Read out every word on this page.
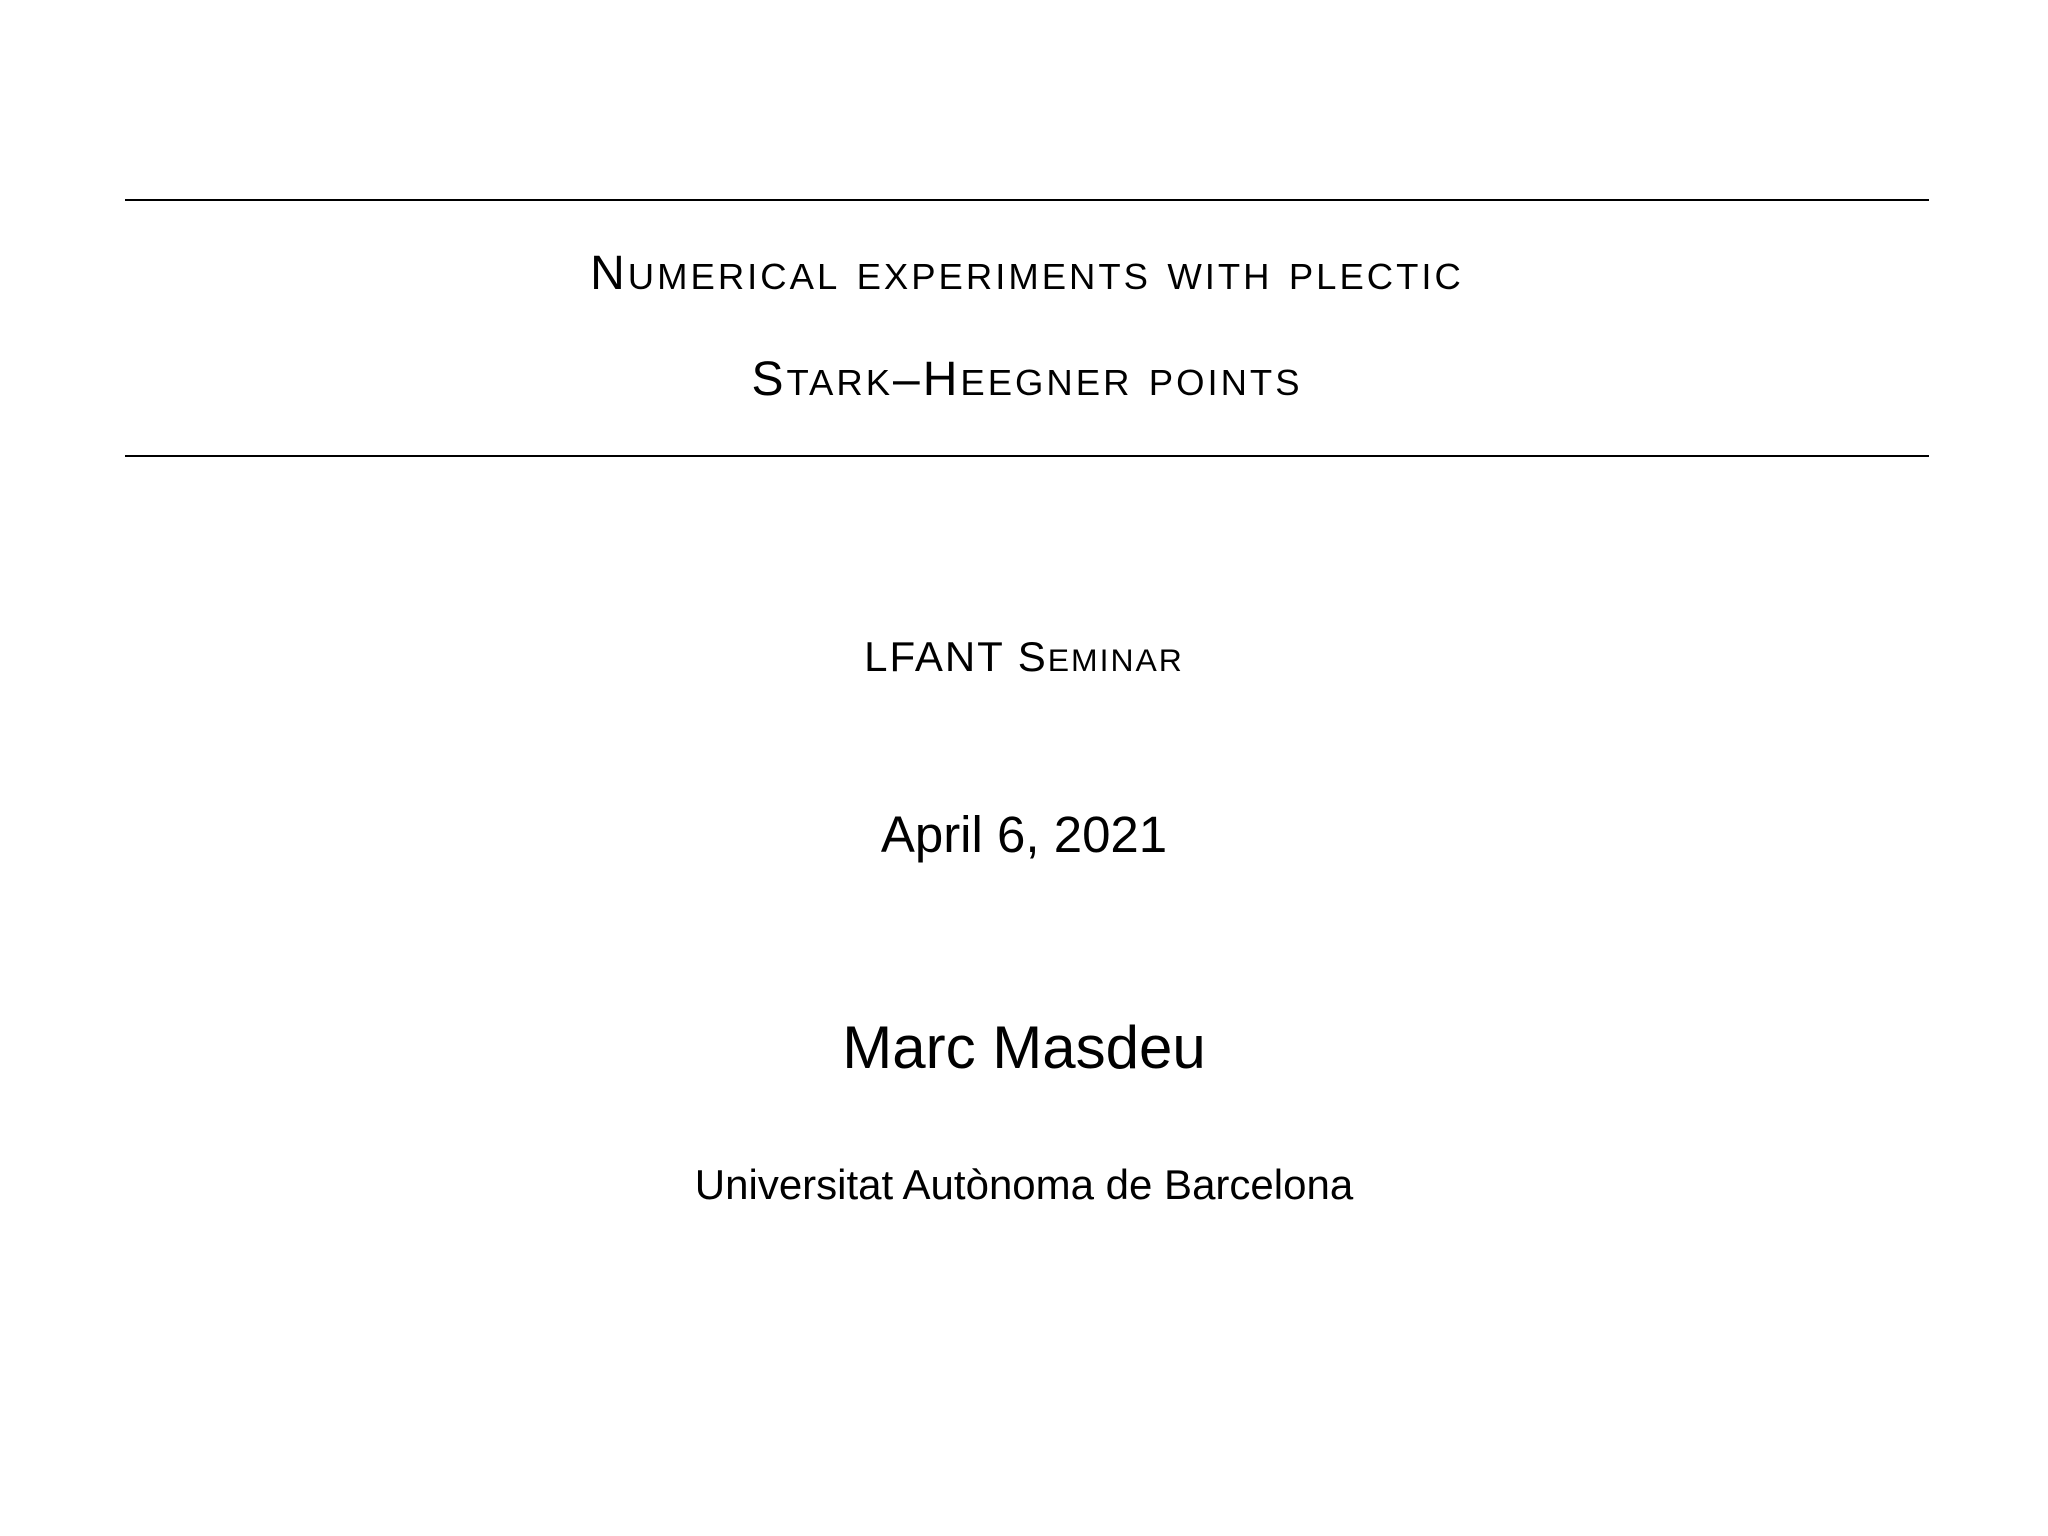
NUMERICAL EXPERIMENTS WITH PLECTIC
STARK–HEEGNER POINTS
LFANT SEMINAR
April 6, 2021
Marc Masdeu
Universitat Autònoma de Barcelona
